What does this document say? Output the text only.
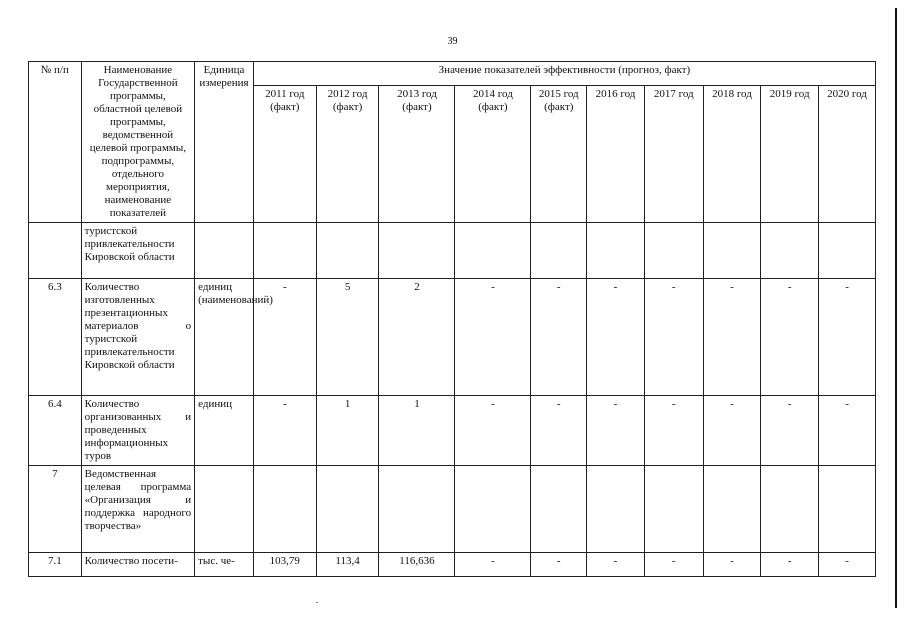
39
№ п/п	Наименование Государственной программы, областной целевой программы, ведомственной целевой программы, подпрограммы, отдельного мероприятия, наименование показателей	Единица измерения	Значение показателей эффективности (прогноз, факт)									
			2011 год (факт)	2012 год (факт)	2013 год (факт)	2014 год (факт)	2015 год (факт)	2016 год	2017 год	2018 год	2019 год	2020 год
	туристской привлекательности Кировской области											
6.3	Количество изготовленных презентационных материалов о туристской привлекательности Кировской области	единиц (наименований)	-	5	2	-	-	-	-	-	-	-
6.4	Количество организованных и проведенных информационных туров	единиц	-	1	1	-	-	-	-	-	-	-
7	Ведомственная целевая программа «Организация и поддержка народного творчества»											
7.1	Количество посети-	тыс. че-	103,79	113,4	116,636	-	-	-	-	-	-	-
